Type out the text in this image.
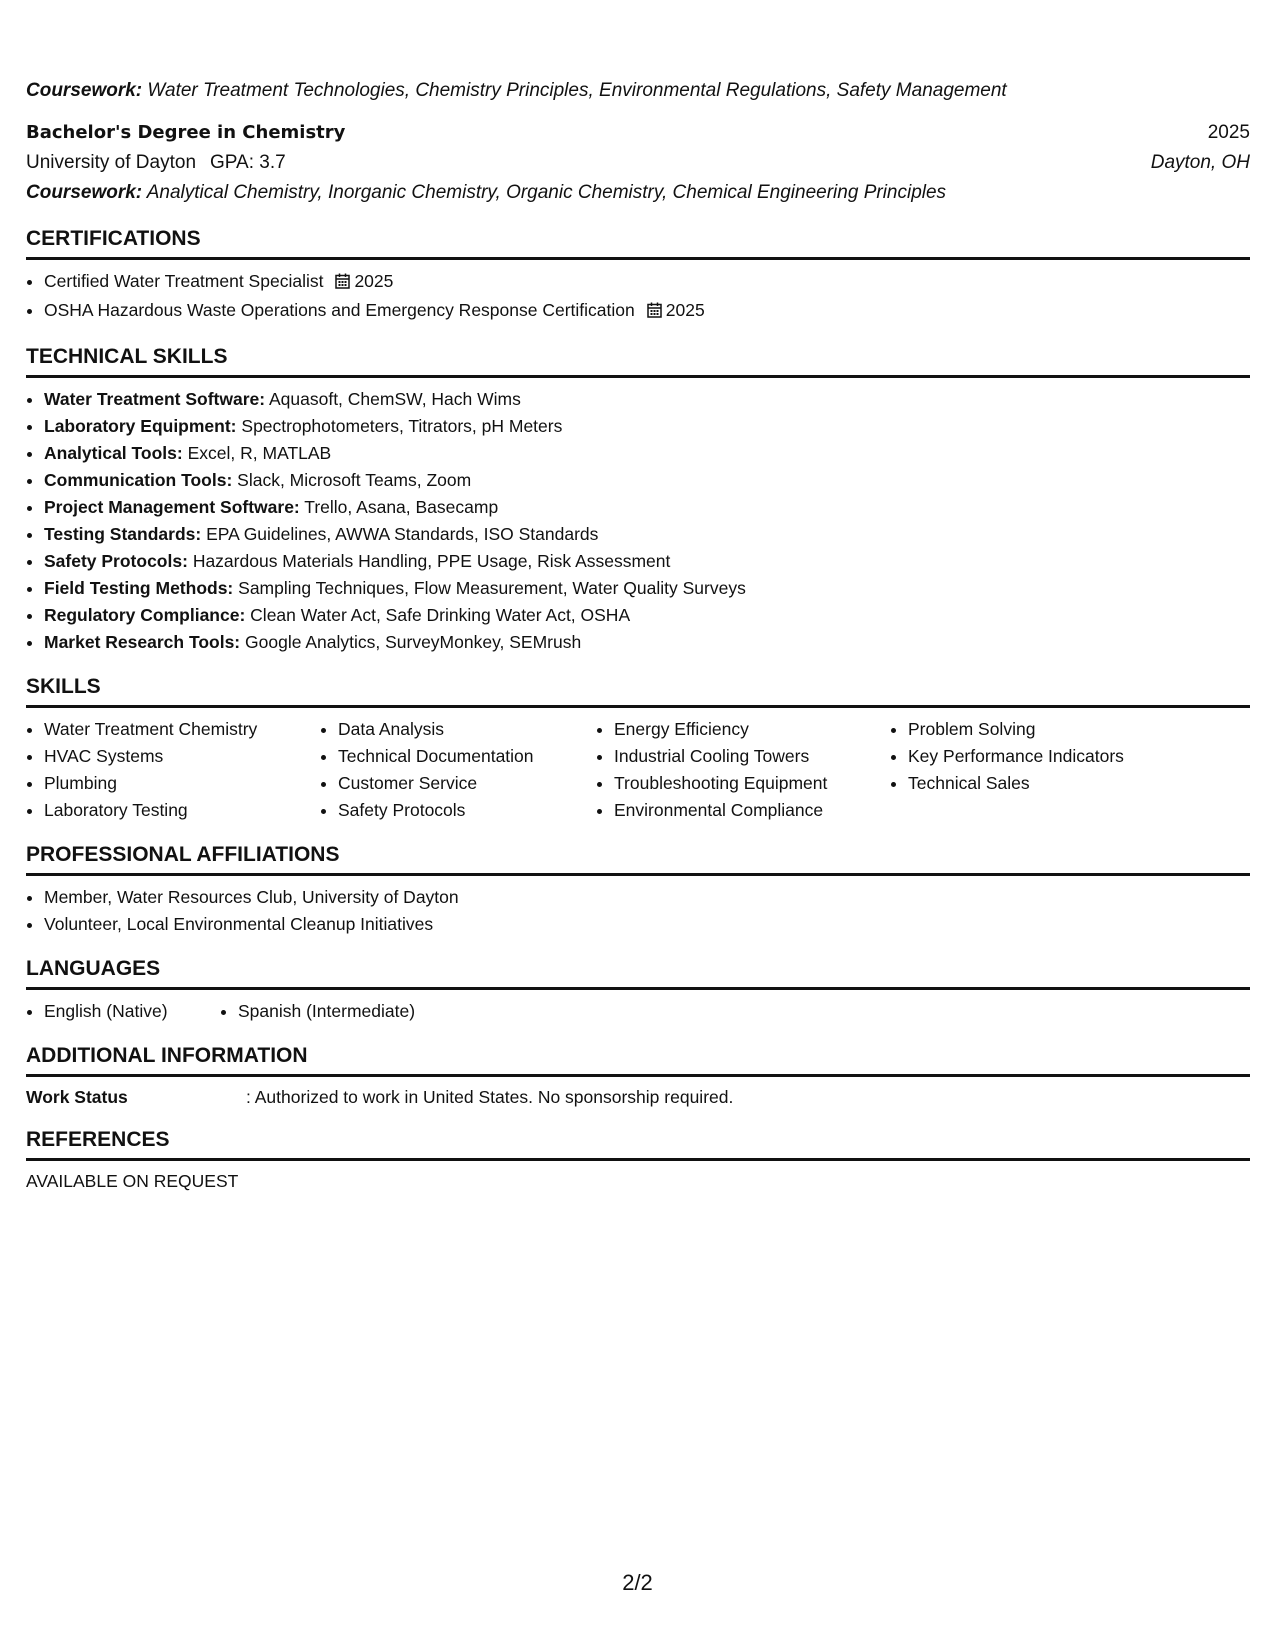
Coursework: Water Treatment Technologies, Chemistry Principles, Environmental Regulations, Safety Management
Bachelor's Degree in Chemistry	2025
University of Dayton GPA: 3.7	Dayton, OH
Coursework: Analytical Chemistry, Inorganic Chemistry, Organic Chemistry, Chemical Engineering Principles
CERTIFICATIONS
• Certified Water Treatment Specialist 2025
• OSHA Hazardous Waste Operations and Emergency Response Certification 2025
TECHNICAL SKILLS
• Water Treatment Software: Aquasoft, ChemSW, Hach Wims
• Laboratory Equipment: Spectrophotometers, Titrators, pH Meters
• Analytical Tools: Excel, R, MATLAB
• Communication Tools: Slack, Microsoft Teams, Zoom
• Project Management Software: Trello, Asana, Basecamp
• Testing Standards: EPA Guidelines, AWWA Standards, ISO Standards
• Safety Protocols: Hazardous Materials Handling, PPE Usage, Risk Assessment
• Field Testing Methods: Sampling Techniques, Flow Measurement, Water Quality Surveys
• Regulatory Compliance: Clean Water Act, Safe Drinking Water Act, OSHA
• Market Research Tools: Google Analytics, SurveyMonkey, SEMrush
SKILLS
• Water Treatment Chemistry
• HVAC Systems
• Plumbing
• Laboratory Testing
• Data Analysis
• Technical Documentation
• Customer Service
• Safety Protocols
• Energy Efficiency
• Industrial Cooling Towers
• Troubleshooting Equipment
• Environmental Compliance
• Problem Solving
• Key Performance Indicators
• Technical Sales
PROFESSIONAL AFFILIATIONS
• Member, Water Resources Club, University of Dayton
• Volunteer, Local Environmental Cleanup Initiatives
LANGUAGES
• English (Native)
•	Spanish (Intermediate)
ADDITIONAL INFORMATION
Work Status	: Authorized to work in United States. No sponsorship required.
REFERENCES
AVAILABLE ON REQUEST
2/2
